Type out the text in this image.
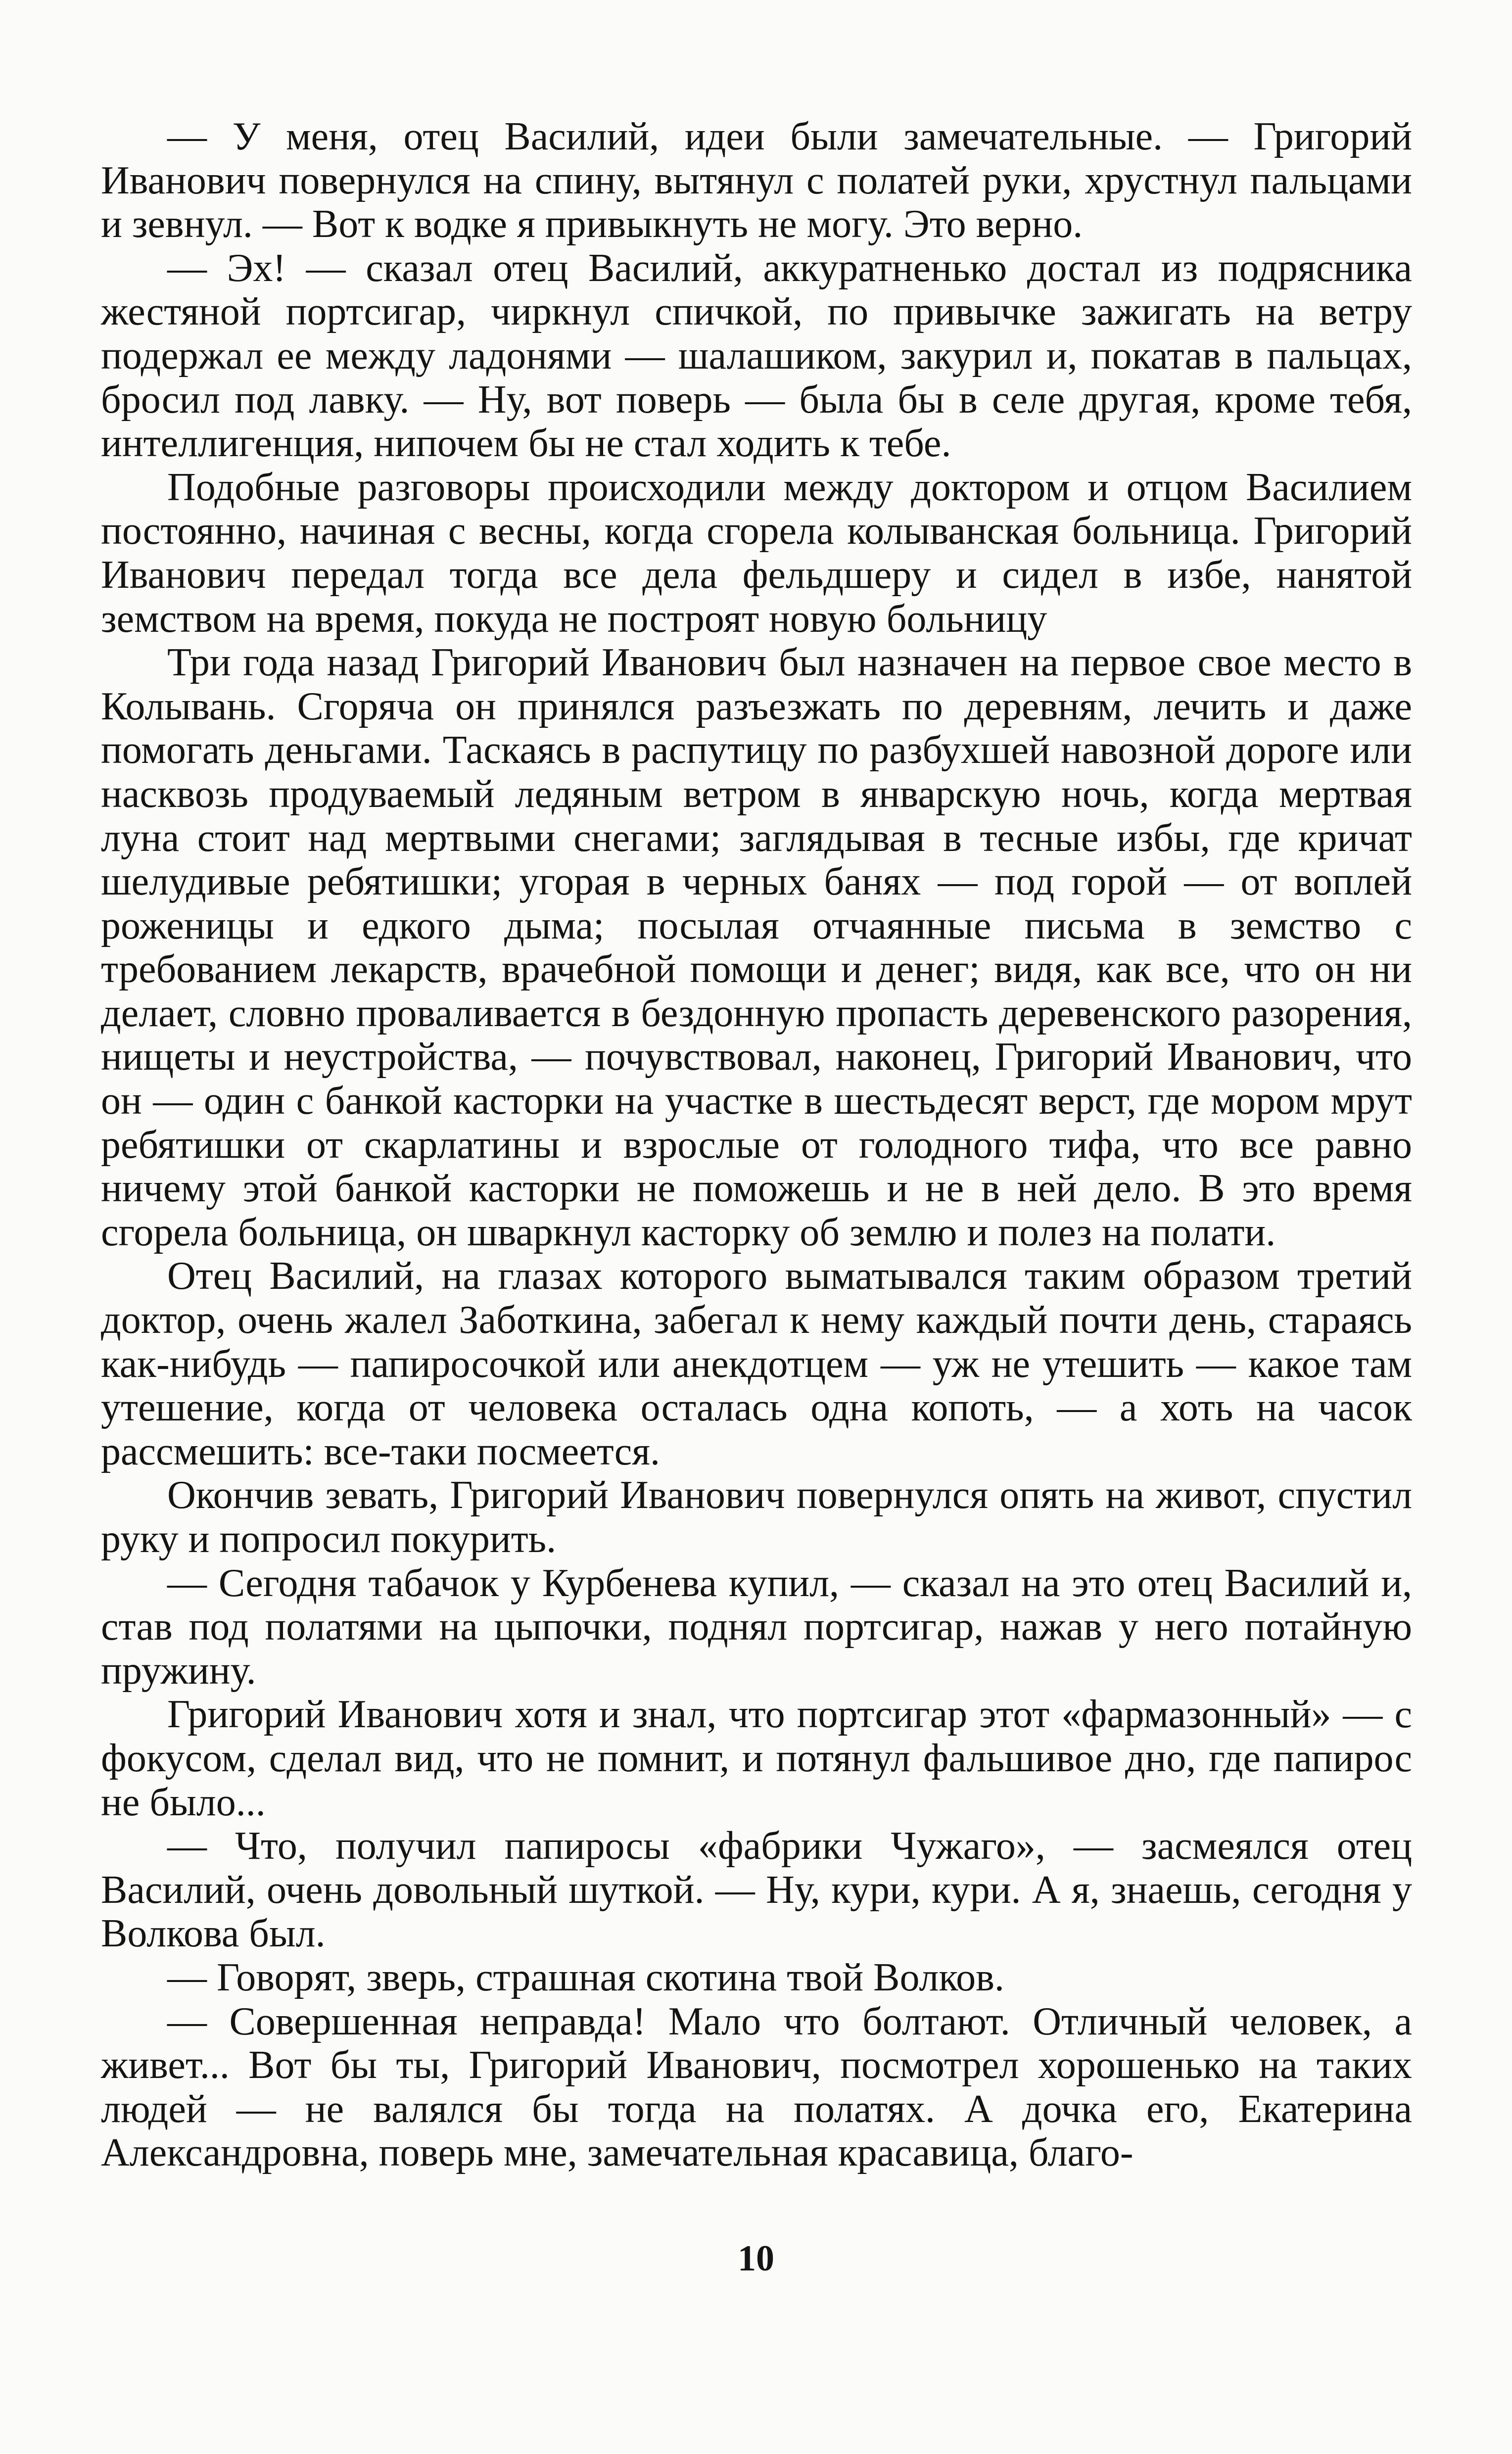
— У меня, отец Василий, идеи были замечательные. — Григорий Иванович повернулся на спину, вытянул с полатей руки, хрустнул пальцами и зевнул. — Вот к водке я привыкнуть не могу. Это верно.

— Эх! — сказал отец Василий, аккуратненько достал из подрясника жестяной портсигар, чиркнул спичкой, по привычке зажигать на ветру подержал ее между ладонями — шалашиком, закурил и, покатав в пальцах, бросил под лавку. — Ну, вот поверь — была бы в селе другая, кроме тебя, интеллигенция, нипочем бы не стал ходить к тебе.

Подобные разговоры происходили между доктором и отцом Василием постоянно, начиная с весны, когда сгорела колыванская больница. Григорий Иванович передал тогда все дела фельдшеру и сидел в избе, нанятой земством на время, покуда не построят новую больницу

Три года назад Григорий Иванович был назначен на первое свое место в Колывань. Сгоряча он принялся разъезжать по деревням, лечить и даже помогать деньгами. Таскаясь в распутицу по разбухшей навозной дороге или насквозь продуваемый ледяным ветром в январскую ночь, когда мертвая луна стоит над мертвыми снегами; заглядывая в тесные избы, где кричат шелудивые ребятишки; угорая в черных банях — под горой — от воплей роженицы и едкого дыма; посылая отчаянные письма в земство с требованием лекарств, врачебной помощи и денег; видя, как все, что он ни делает, словно проваливается в бездонную пропасть деревенского разорения, нищеты и неустройства, — почувствовал, наконец, Григорий Иванович, что он — один с банкой касторки на участке в шестьдесят верст, где мором мрут ребятишки от скарлатины и взрослые от голодного тифа, что все равно ничему этой банкой касторки не поможешь и не в ней дело. В это время сгорела больница, он шваркнул касторку об землю и полез на полати.

Отец Василий, на глазах которого выматывался таким образом третий доктор, очень жалел Заботкина, забегал к нему каждый почти день, стараясь как-нибудь — папиросочкой или анекдотцем — уж не утешить — какое там утешение, когда от человека осталась одна копоть, — а хоть на часок рассмешить: все-таки посмеется.

Окончив зевать, Григорий Иванович повернулся опять на живот, спустил руку и попросил покурить.

— Сегодня табачок у Курбенева купил, — сказал на это отец Василий и, став под полатями на цыпочки, поднял портсигар, нажав у него потайную пружину.

Григорий Иванович хотя и знал, что портсигар этот «фармазонный» — с фокусом, сделал вид, что не помнит, и потянул фальшивое дно, где папирос не было...

— Что, получил папиросы «фабрики Чужаго», — засмеялся отец Василий, очень довольный шуткой. — Ну, кури, кури. А я, знаешь, сегодня у Волкова был.

— Говорят, зверь, страшная скотина твой Волков.

— Совершенная неправда! Мало что болтают. Отличный человек, а живет... Вот бы ты, Григорий Иванович, посмотрел хорошенько на таких людей — не валялся бы тогда на полатях. А дочка его, Екатерина Александровна, поверь мне, замечательная красавица, благо-

10
